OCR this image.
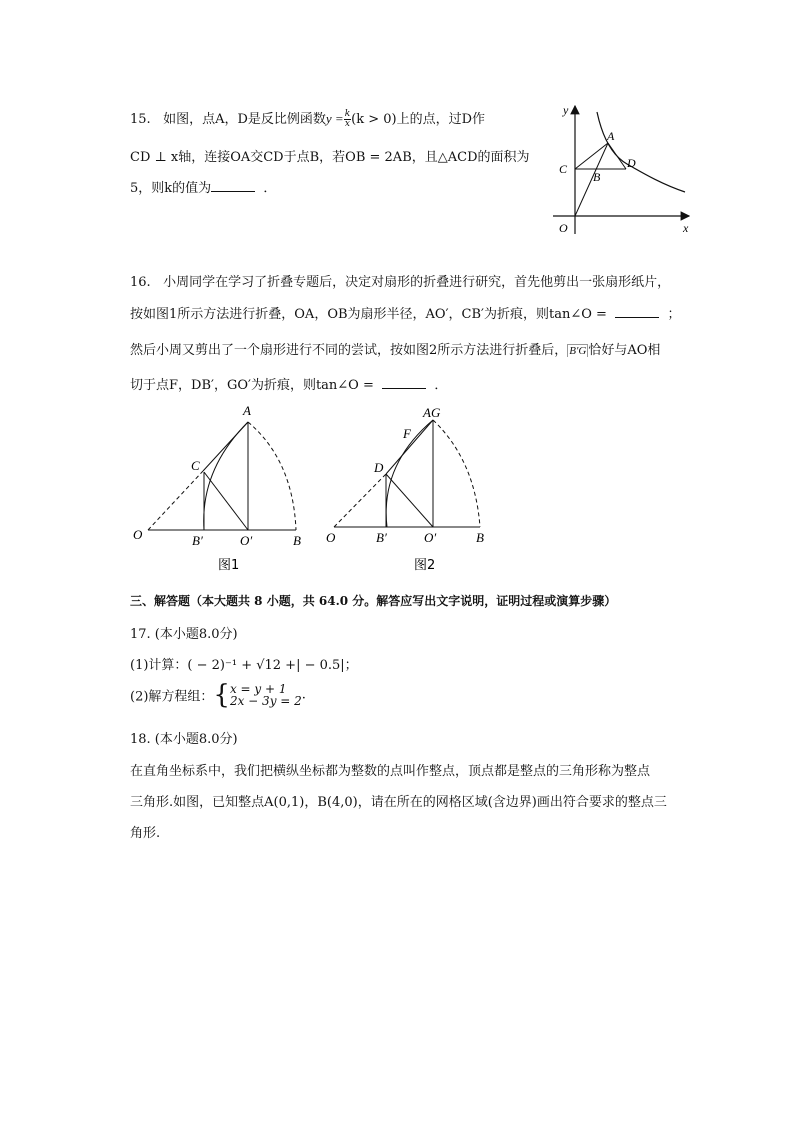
15. 如图，点A，D是反比例函数$y = \frac{k}{x} (k > 0)$上的点，过D作
CD ⊥ x轴，连接OA交CD于点B，若OB = 2AB，且△ACD的面积为
5，则k的值为	．
y
x
O
A
B
C	D
16. 小周同学在学习了折叠专题后，决定对扇形的折叠进行研究，首先他剪出一张扇形纸片，
按如图1所示方法进行折叠，OA，OB为扇形半径，AO′，CB′为折痕，则tan∠O =	；
然后小周又剪出了一个扇形进行不同的尝试，按如图2所示方法进行折叠后， B′G 恰好与AO相
切于点F，DB′，GO′为折痕，则tan∠O =	．
A
C
O	B′	O′	B
图1
AG
F
D
O	B′	O′	B
图2
三、解答题（本大题共 8 小题，共 64.0 分。解答应写出文字说明，证明过程或演算步骤）
17. (本小题8.0分)
(1)计算：( − 2)⁻¹ + √12 +| − 0.5|；
(2)解方程组：{ x = y + 1
2x − 3y = 2 .
18. (本小题8.0分)
在直角坐标系中，我们把横纵坐标都为整数的点叫作整点，顶点都是整点的三角形称为整点
三角形.如图，已知整点A(0,1)，B(4,0)，请在所在的网格区域(含边界)画出符合要求的整点三
角形.
